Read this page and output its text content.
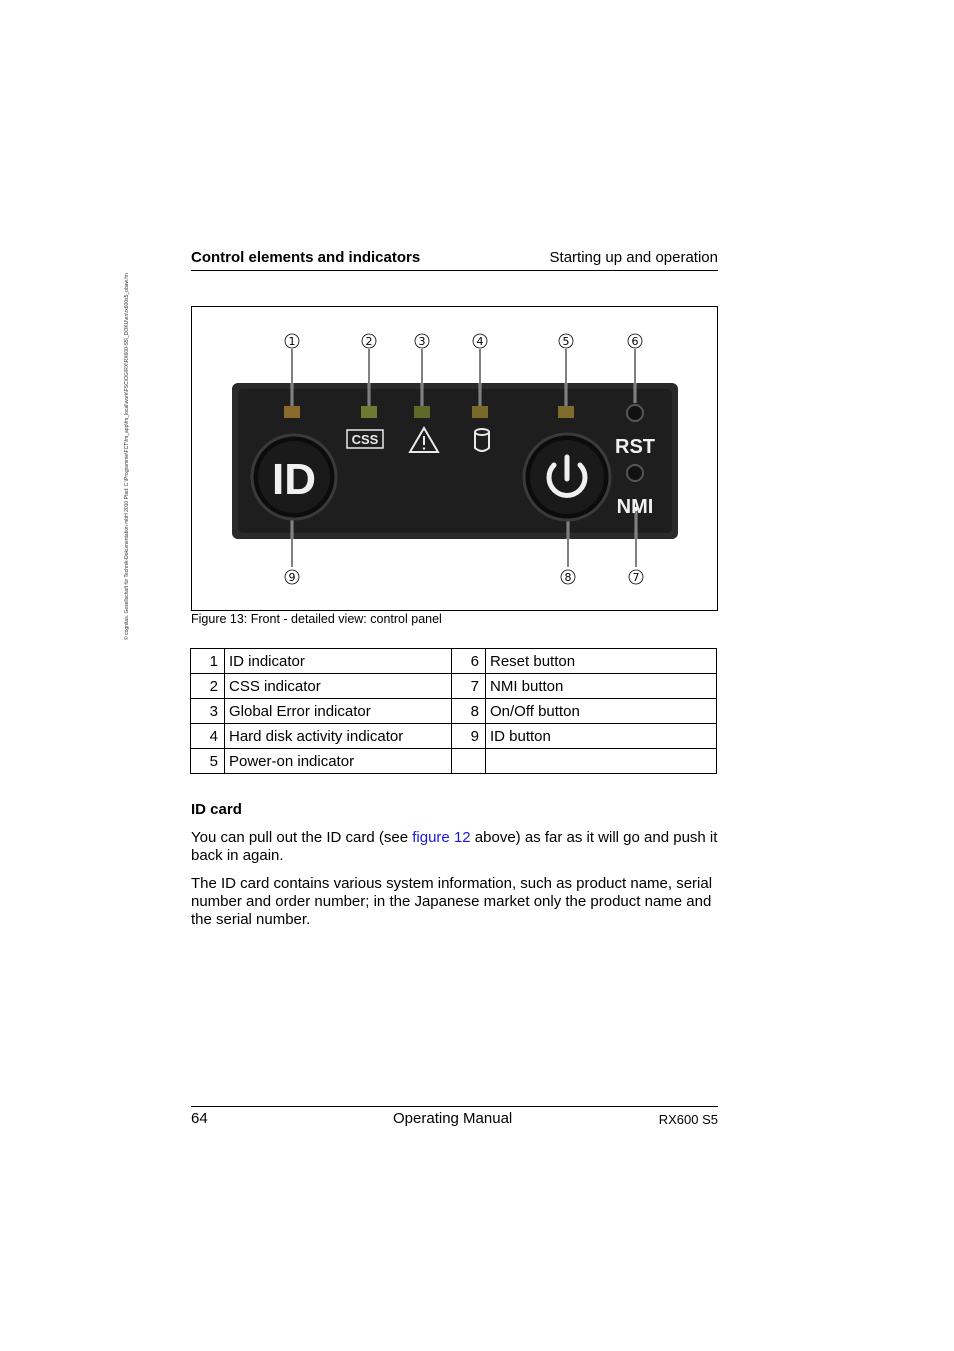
© cognitas. Gesellschaft für Technik-Dokumentation mbH 2010 Pfad: C:\Programme\FCT\fm_app\fm_local\work\FSC\OG\RX\RX600-S5\_DOKU\en\rx600s5_obaw.fm
Control elements and indicators	Starting up and operation
CSS
ID
RST
NMI
1	2	3	4	5	6
7
8
9
Figure 13: Front - detailed view: control panel
1	ID indicator	6	Reset button
2	CSS indicator	7	NMI button
3	Global Error indicator	8	On/Off button
4	Hard disk activity indicator	9	ID button
5	Power-on indicator		
ID card
You can pull out the ID card (see figure 12 above) as far as it will go and push it back in again.
The ID card contains various system information, such as product name, serial number and order number; in the Japanese market only the product name and the serial number.
64	Operating Manual	RX600 S5
